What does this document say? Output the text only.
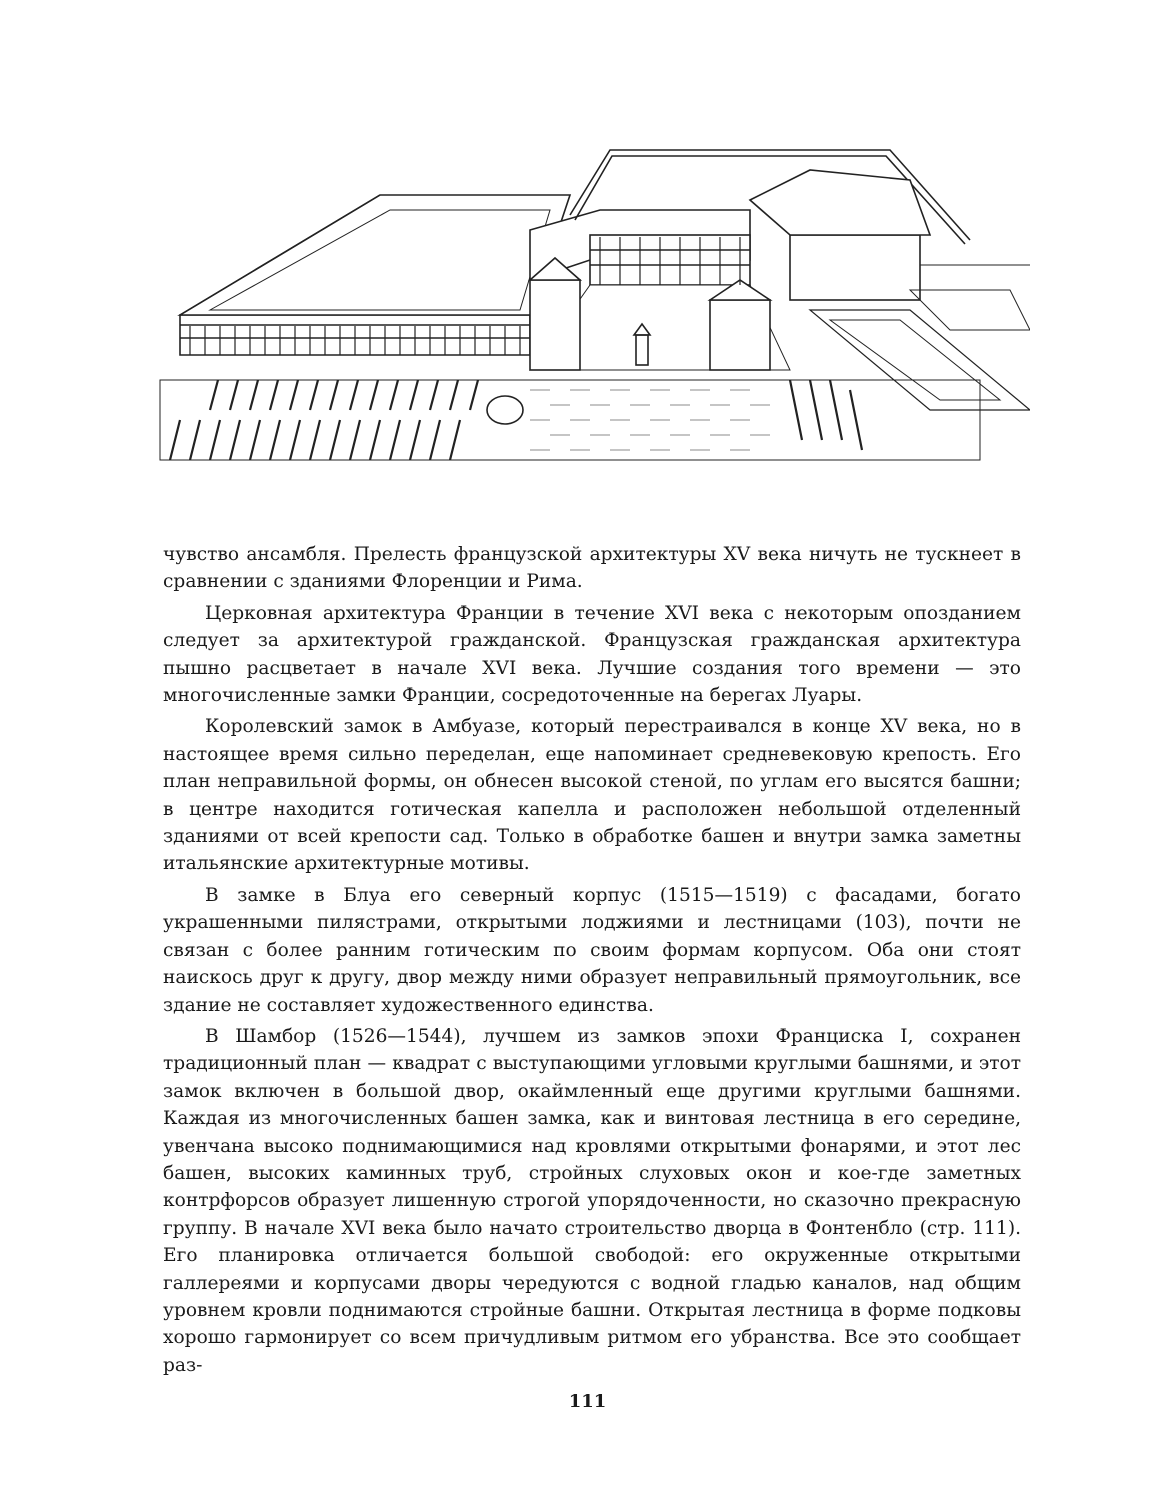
чувство ансамбля. Прелесть французской архитектуры XV века ничуть не тускнеет в сравнении с зданиями Флоренции и Рима.

Церковная архитектура Франции в течение XVI века с некоторым опозданием следует за архитектурой гражданской. Французская гражданская архитектура пышно расцветает в начале XVI века. Лучшие создания того времени — это многочисленные замки Франции, сосредоточенные на берегах Луары.

Королевский замок в Амбуазе, который перестраивался в конце XV века, но в настоящее время сильно переделан, еще напоминает средневековую крепость. Его план неправильной формы, он обнесен высокой стеной, по углам его высятся башни; в центре находится готическая капелла и расположен небольшой отделенный зданиями от всей крепости сад. Только в обработке башен и внутри замка заметны итальянские архитектурные мотивы.

В замке в Блуа его северный корпус (1515—1519) с фасадами, богато украшенными пилястрами, открытыми лоджиями и лестницами (103), почти не связан с более ранним готическим по своим формам корпусом. Оба они стоят наискось друг к другу, двор между ними образует неправильный прямоугольник, все здание не составляет художественного единства.

В Шамбор (1526—1544), лучшем из замков эпохи Франциска I, сохранен традиционный план — квадрат с выступающими угловыми круглыми башнями, и этот замок включен в большой двор, окаймленный еще другими круглыми башнями. Каждая из многочисленных башен замка, как и винтовая лестница в его середине, увенчана высоко поднимающимися над кровлями открытыми фонарями, и этот лес башен, высоких каминных труб, стройных слуховых окон и кое-где заметных контрфорсов образует лишенную строгой упорядоченности, но сказочно прекрасную группу. В начале XVI века было начато строительство дворца в Фонтенбло (стр. 111). Его планировка отличается большой свободой: его окруженные открытыми галлереями и корпусами дворы чередуются с водной гладью каналов, над общим уровнем кровли поднимаются стройные башни. Открытая лестница в форме подковы хорошо гармонирует со всем причудливым ритмом его убранства. Все это сообщает раз-

111
